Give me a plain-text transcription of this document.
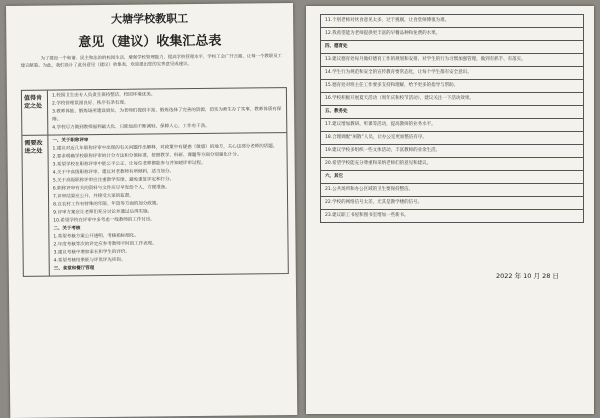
大塘学校教职工
意见（建议）收集汇总表
为了建设一个和谐、民主和法治的校园生活，增强学校管理能力，提高学校管理水平，学校工会广开言路，让每一个教职员工建言献策。为此，我们设计了此份意见（建议）收集表，欢迎提出您的宝贵意见或建议。
值得肯定之处
1.校园卫生由专人负责且保持整洁，校园环境优美。
2.学校管理氛围良好，秩序有条有理。
3.教师体能、锻炼场所建设到位，为老师们提供丰富、锻炼选择了完善的资源，切实为师生办了实事，教师体质有保障。
4.学校尽力做到教师福利最大化，只能加油不断减轻、保障人心，工作有干劲。
需要改进之处
一、关于职称评审
1.建议对近几年职称评审中出现的有关问题作出解释，对政策中有疑惑（敏感）的地方，关心这部分老师的话题。
2.要求明确学校职称评审的计分方法和分值标准，按照教学、科研、课题等方面分别量化计分。
3.希望学校在职称评审中能公平公正，让每位老师都能参与并知晓评审过程。
4.关于中高级职称评审，建议对老教师有所倾斜，适当加分。
5.关于高级职称评审应注重教学实绩，避免重复评定和打分。
6.职称评审有关的资料与文件应尽早发给个人，方便准备。
7.评审结果应公开，并接受大家的监督。
8.在农村工作有特殊的年限、年资等方面的加分政策。
9.评审方案应让老师们充分讨论并通过后再实施。
10.希望学校在评审中多考虑一线教师的工作付出。
二、关于考核
1.希望考核方案公开透明，考核指标细化。
2.年度考核等次的评定应参考教师平时的工作表现。
3.建议考核中增加家长和学生的评价。
4.希望考核结果能与评优评先挂钩。
三、食堂和餐厅管理
11.个别老师对伙食意见太多，过于挑剔，让食堂师傅很为难。
12.我希望能为老师提供更丰富的早餐品种和免费的水果。
四、德育处
13.建议德育处每月做好德育工作的规划和安排，对学生的行为习惯加强管理，做到有抓手、有落实。
14.学生行为规范和安全的宣传教育要常态化，让每个学生都有安全意识。
15.德育处对班主任工作要多支持和理解，给予更多的指导与帮助。
16.学校积极开展夏天活动（周年庆和校节活动），建议关注一下活动效果。
五、教务处
17.建议增加教研、听课等活动，提高教师的业务水平。
18.合理调配“闲散”人员，让办公室更加整洁有序。
19.建议学校多组织一些文体活动，丰富教师的业余生活。
20.希望学校能充分尊重和采纳老师们的意见和建议。
六、其它
21.公共场所和办公区域的卫生要保持整洁。
22.学校的网络信号太差，尤其是教学楼的信号。
23.建议职工书屋和图书室增加一些新书。
2022 年 10 月 28 日
